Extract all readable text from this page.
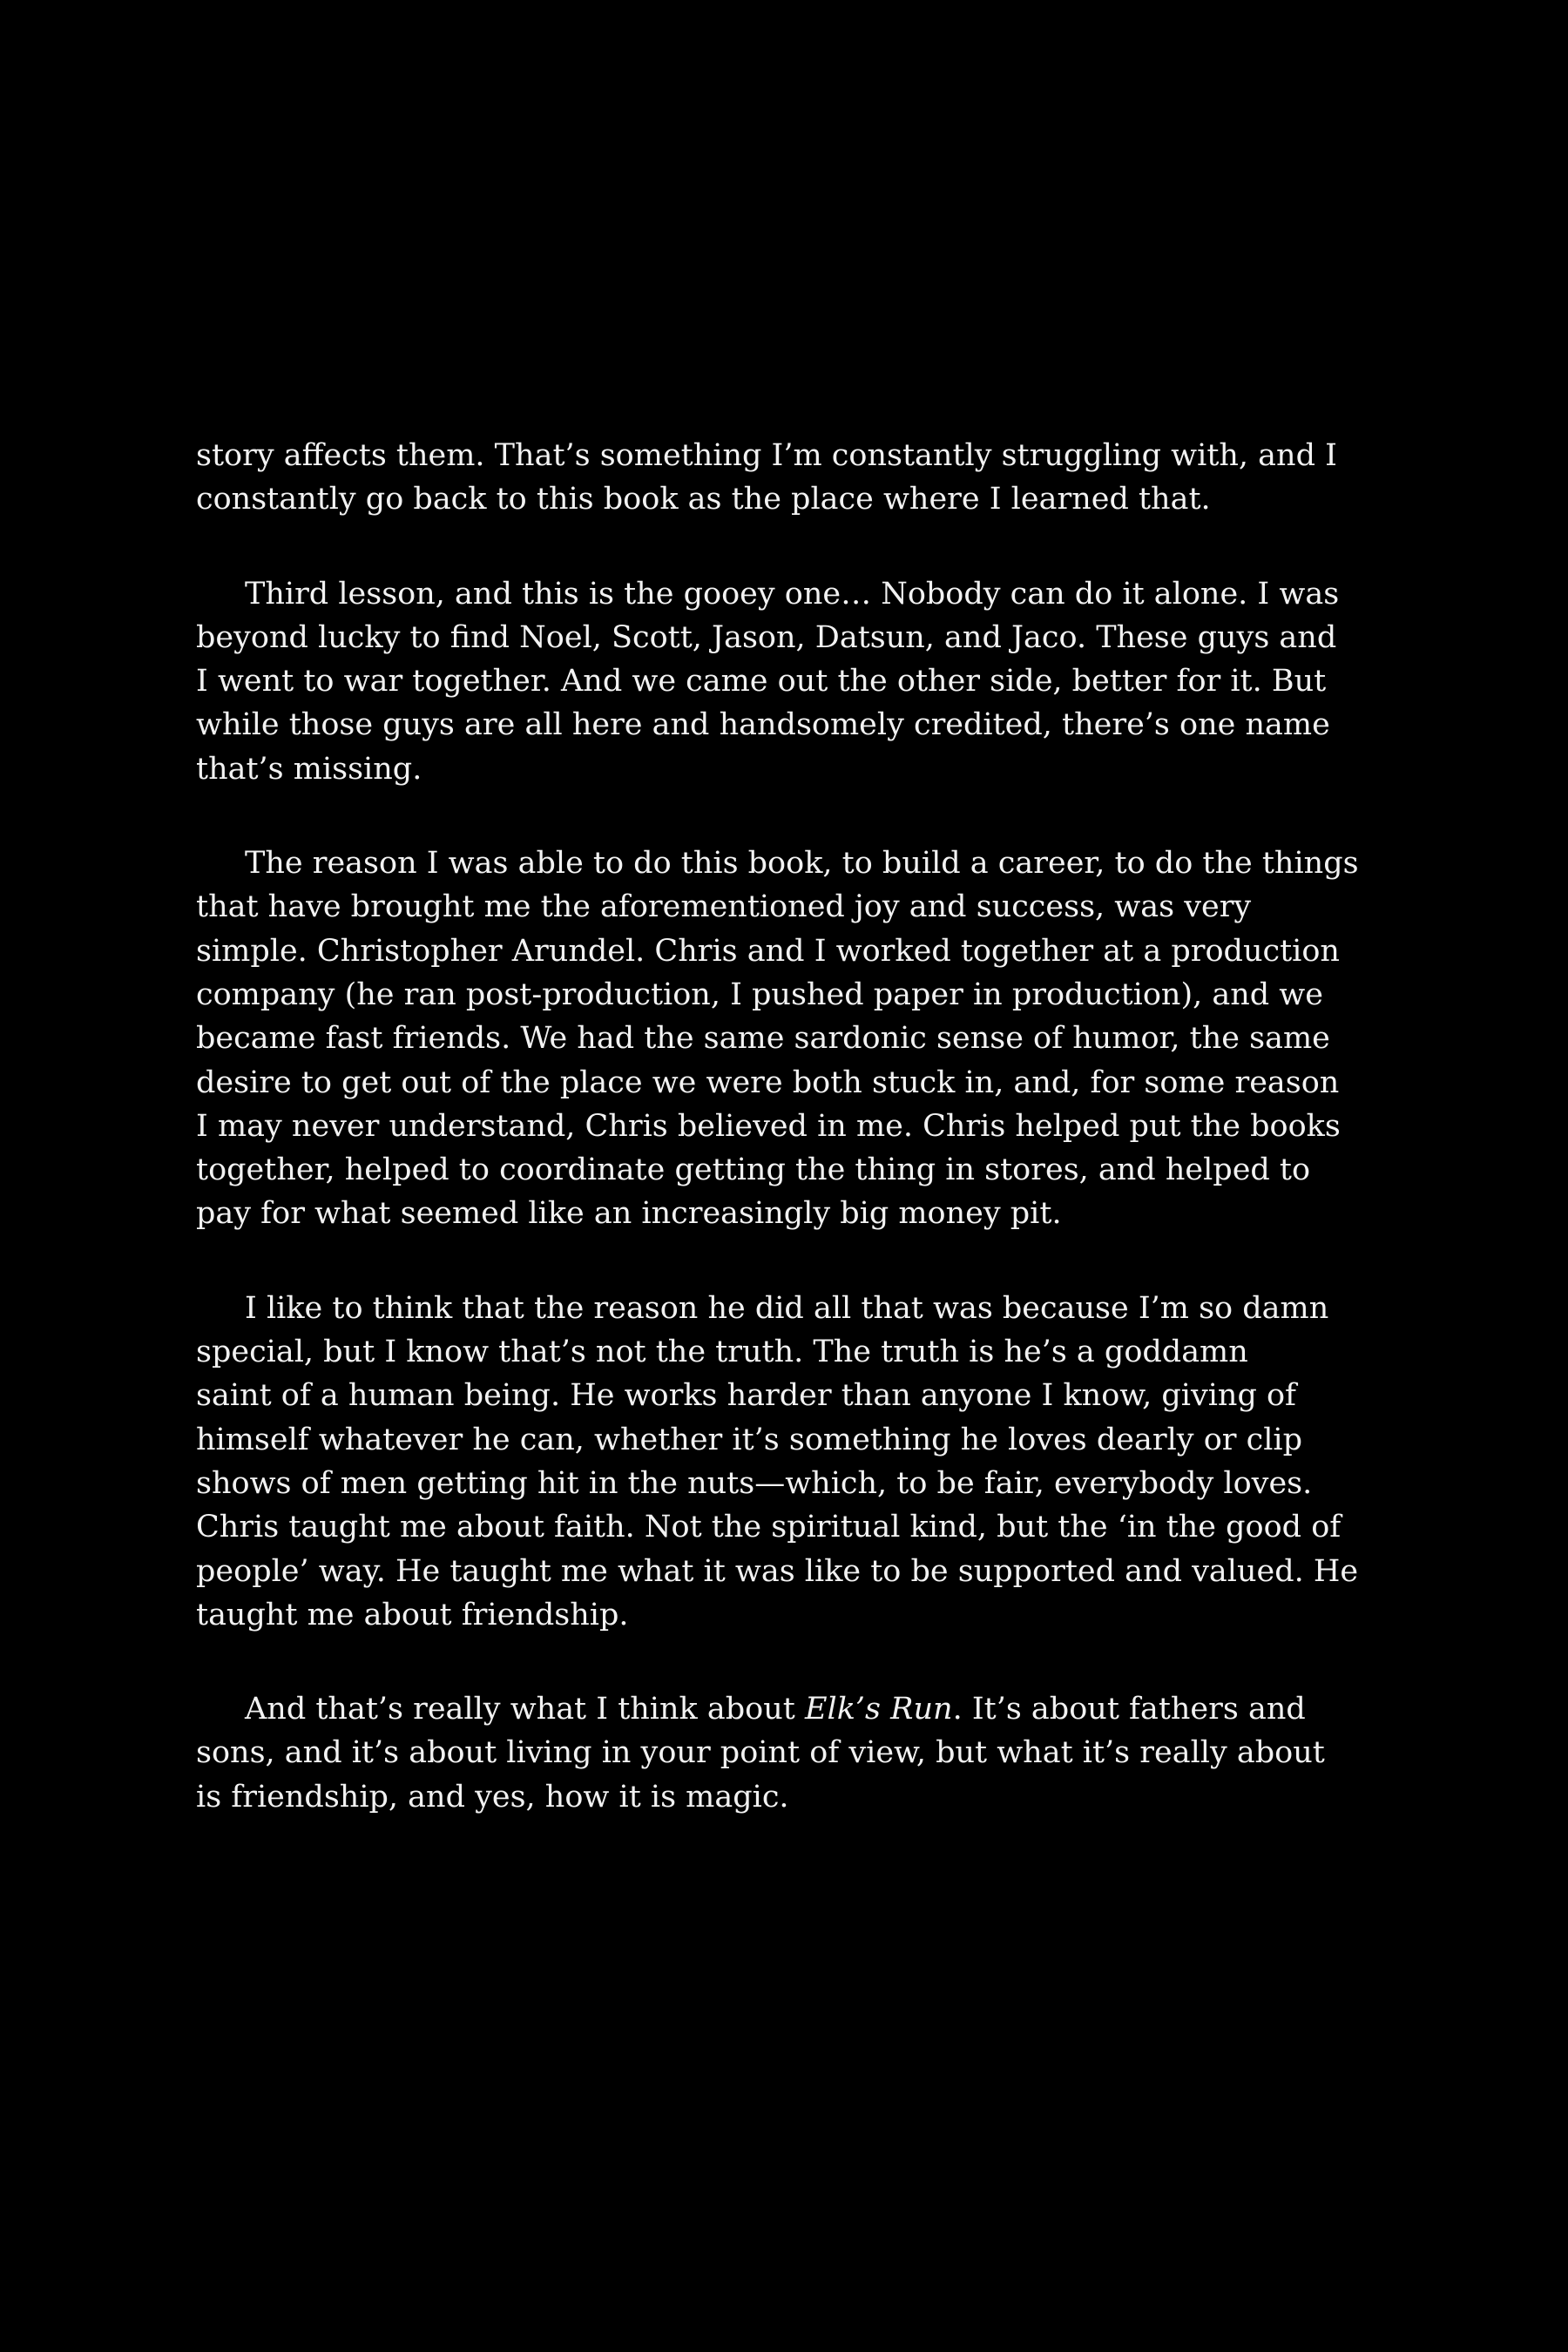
story affects them. That’s something I’m constantly struggling with, and I
constantly go back to this book as the place where I learned that.

Third lesson, and this is the gooey one… Nobody can do it alone. I was
beyond lucky to find Noel, Scott, Jason, Datsun, and Jaco. These guys and
I went to war together. And we came out the other side, better for it. But
while those guys are all here and handsomely credited, there’s one name
that’s missing.

The reason I was able to do this book, to build a career, to do the things
that have brought me the aforementioned joy and success, was very
simple. Christopher Arundel. Chris and I worked together at a production
company (he ran post-production, I pushed paper in production), and we
became fast friends. We had the same sardonic sense of humor, the same
desire to get out of the place we were both stuck in, and, for some reason
I may never understand, Chris believed in me. Chris helped put the books
together, helped to coordinate getting the thing in stores, and helped to
pay for what seemed like an increasingly big money pit.

I like to think that the reason he did all that was because I’m so damn
special, but I know that’s not the truth. The truth is he’s a goddamn
saint of a human being. He works harder than anyone I know, giving of
himself whatever he can, whether it’s something he loves dearly or clip
shows of men getting hit in the nuts—which, to be fair, everybody loves.
Chris taught me about faith. Not the spiritual kind, but the ‘in the good of
people’ way. He taught me what it was like to be supported and valued. He
taught me about friendship.

And that’s really what I think about Elk’s Run. It’s about fathers and
sons, and it’s about living in your point of view, but what it’s really about
is friendship, and yes, how it is magic.
